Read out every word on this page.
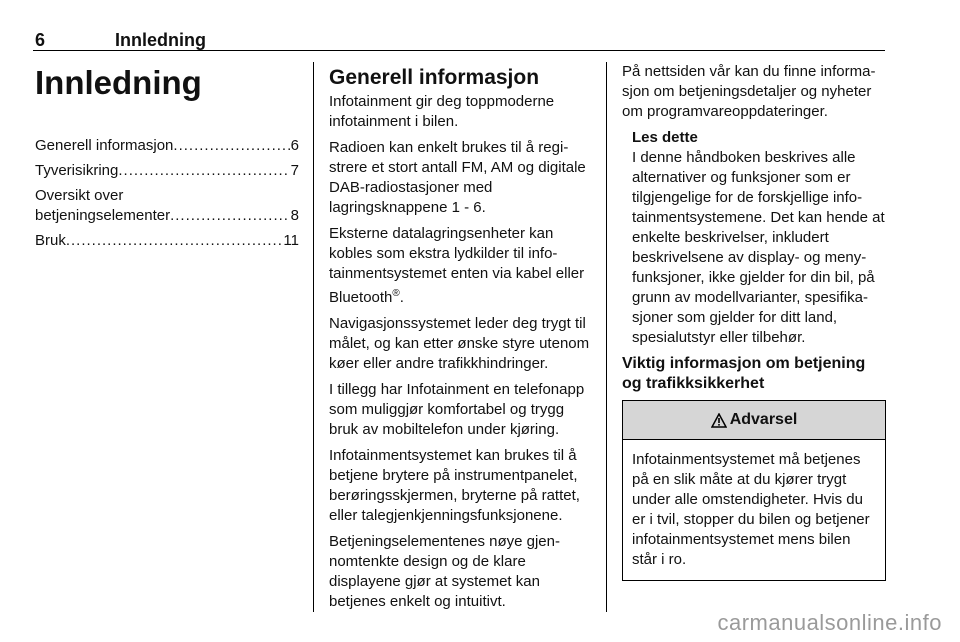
6	Innledning
Innledning
Generell informasjon .....	6
Tyverisikring .....	7
Oversikt over
betjeningselementer .....	8
Bruk .....	11
Generell informasjon

Infotainment gir deg toppmoderne infotainment i bilen.

Radioen kan enkelt brukes til å registrere et stort antall FM, AM og digitale DAB-radiostasjoner med lagringsknappene 1 - 6.

Eksterne datalagringsenheter kan kobles som ekstra lydkilder til infotainmentsystemet enten via kabel eller Bluetooth®.

Navigasjonssystemet leder deg trygt til målet, og kan etter ønske styre utenom køer eller andre trafikkhindringer.

I tillegg har Infotainment en telefonapp som muliggjør komfortabel og trygg bruk av mobiltelefon under kjøring.

Infotainmentsystemet kan brukes til å betjene brytere på instrumentpanelet, berøringsskjermen, bryterne på rattet, eller talegjenkjenningsfunksjonene.

Betjeningselementenes nøye gjennomtenkte design og de klare displayene gjør at systemet kan betjenes enkelt og intuitivt.

På nettsiden vår kan du finne informasjon om betjeningsdetaljer og nyheter om programvareoppdateringer.

Les dette
I denne håndboken beskrives alle alternativer og funksjoner som er tilgjengelige for de forskjellige infotainmentsystemene. Det kan hende at enkelte beskrivelser, inkludert beskrivelsene av display- og menyfunksjoner, ikke gjelder for din bil, på grunn av modellvarianter, spesifikasjoner som gjelder for ditt land, spesialutstyr eller tilbehør.
Viktig informasjon om betjening og trafikksikkerhet
Advarsel
Infotainmentsystemet må betjenes på en slik måte at du kjører trygt under alle omstendigheter. Hvis du er i tvil, stopper du bilen og betjener infotainmentsystemet mens bilen står i ro.
carmanualsonline.info
